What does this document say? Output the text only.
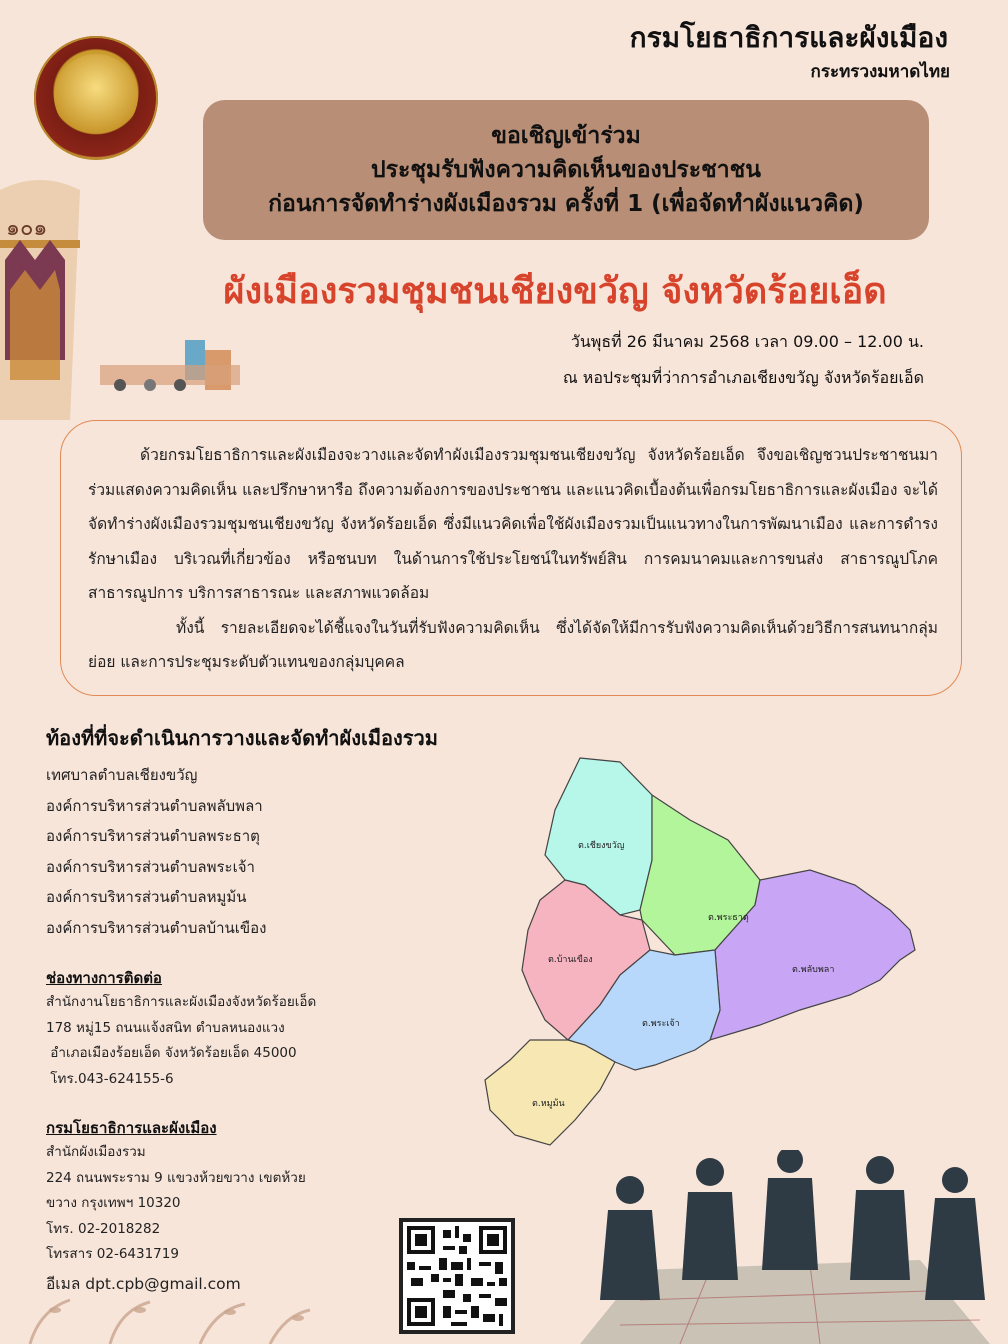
กรมโยธาธิการและผังเมือง
กระทรวงมหาดไทย
๑๐๑
ขอเชิญเข้าร่วม
ประชุมรับฟังความคิดเห็นของประชาชน
ก่อนการจัดทำร่างผังเมืองรวม ครั้งที่ 1 (เพื่อจัดทำผังแนวคิด)
ผังเมืองรวมชุมชนเชียงขวัญ จังหวัดร้อยเอ็ด
วันพุธที่ 26 มีนาคม 2568 เวลา 09.00 – 12.00 น.
ณ หอประชุมที่ว่าการอำเภอเชียงขวัญ จังหวัดร้อยเอ็ด

ด้วยกรมโยธาธิการและผังเมืองจะวางและจัดทำผังเมืองรวมชุมชนเชียงขวัญ จังหวัดร้อยเอ็ด จึงขอเชิญชวนประชาชนมาร่วมแสดงความคิดเห็น และปรึกษาหารือ ถึงความต้องการของประชาชน และแนวคิดเบื้องต้นเพื่อกรมโยธาธิการและผังเมือง จะได้จัดทำร่างผังเมืองรวมชุมชนเชียงขวัญ จังหวัดร้อยเอ็ด ซึ่งมีแนวคิดเพื่อใช้ผังเมืองรวมเป็นแนวทางในการพัฒนาเมือง และการดำรงรักษาเมือง บริเวณที่เกี่ยวข้อง หรือชนบท ในด้านการใช้ประโยชน์ในทรัพย์สิน การคมนาคมและการขนส่ง สาธารณูปโภค สาธารณูปการ บริการสาธารณะ และสภาพแวดล้อม

ทั้งนี้ รายละเอียดจะได้ชี้แจงในวันที่รับฟังความคิดเห็น ซึ่งได้จัดให้มีการรับฟังความคิดเห็นด้วยวิธีการสนทนากลุ่มย่อย และการประชุมระดับตัวแทนของกลุ่มบุคคล

ท้องที่ที่จะดำเนินการวางและจัดทำผังเมืองรวม
เทศบาลตำบลเชียงขวัญ
องค์การบริหารส่วนตำบลพลับพลา
องค์การบริหารส่วนตำบลพระธาตุ
องค์การบริหารส่วนตำบลพระเจ้า
องค์การบริหารส่วนตำบลหมูม้น
องค์การบริหารส่วนตำบลบ้านเขือง
ช่องทางการติดต่อ
สำนักงานโยธาธิการและผังเมืองจังหวัดร้อยเอ็ด
178 หมู่15 ถนนแจ้งสนิท ตำบลหนองแวง
อำเภอเมืองร้อยเอ็ด จังหวัดร้อยเอ็ด 45000
โทร.043-624155-6
กรมโยธาธิการและผังเมือง
สำนักผังเมืองรวม
224 ถนนพระราม 9 แขวงห้วยขวาง เขตห้วย
ขวาง กรุงเทพฯ 10320
โทร. 02-2018282
โทรสาร 02-6431719
อีเมล dpt.cpb@gmail.com
ต.เชียงขวัญ
ต.พระธาตุ
ต.บ้านเขือง
ต.พลับพลา
ต.พระเจ้า
ต.หมูม้น
